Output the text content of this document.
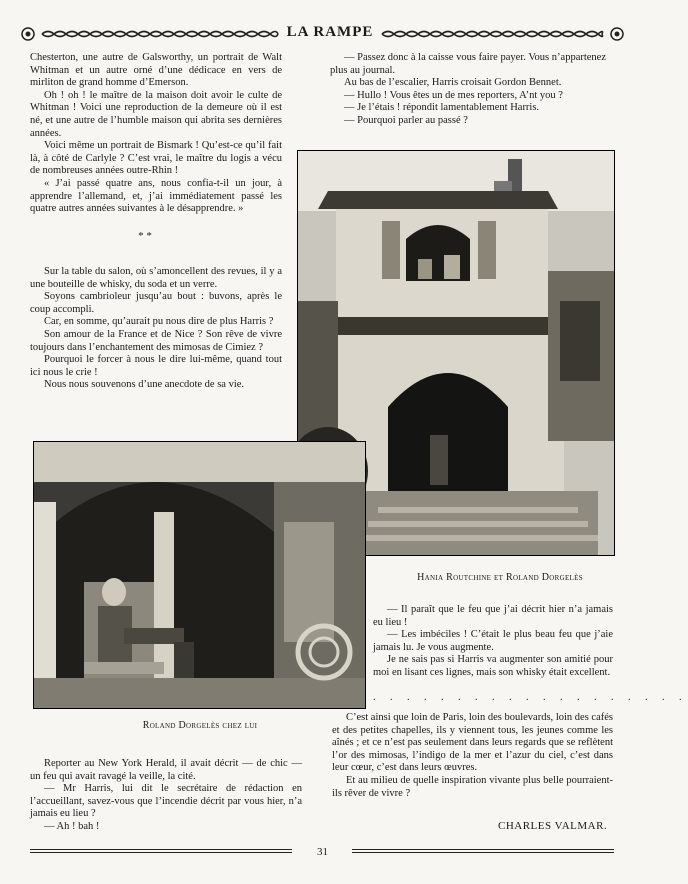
LA RAMPE

Chesterton, une autre de Galsworthy, un portrait de Walt Whitman et un autre orné d’une dédicace en vers de mirliton de grand homme d’Emerson.

Oh ! oh ! le maître de la maison doit avoir le culte de Whitman ! Voici une reproduction de la demeure où il est né, et une autre de l’humble maison qui abrita ses dernières années.

Voici même un portrait de Bismark ! Qu’est-ce qu’il fait là, à côté de Carlyle ? C’est vrai, le maître du logis a vécu de nombreuses années outre-Rhin !

« J’ai passé quatre ans, nous confia-t-il un jour, à apprendre l’allemand, et, j’ai immédiatement passé les quatre autres années suivantes à le désapprendre. »

* *

Sur la table du salon, où s’amoncellent des revues, il y a une bouteille de whisky, du soda et un verre.

Soyons cambrioleur jusqu’au bout : buvons, après le coup accompli.

Car, en somme, qu’aurait pu nous dire de plus Harris ?

Son amour de la France et de Nice ? Son rêve de vivre toujours dans l’enchantement des mimosas de Cimiez ?

Pourquoi le forcer à nous le dire lui-même, quand tout ici nous le crie !

Nous nous souvenons d’une anecdote de sa vie.

— Passez donc à la caisse vous faire payer. Vous n’appartenez plus au journal.

Au bas de l’escalier, Harris croisait Gordon Bennet.

— Hullo ! Vous êtes un de mes reporters, A’nt you ?

— Je l’étais ! répondit lamentablement Harris.

— Pourquoi parler au passé ?

Hania Routchine et Roland Dorgelès
Roland Dorgelès chez lui

— Il paraît que le feu que j’ai décrit hier n’a jamais eu lieu !

— Les imbéciles ! C’était le plus beau feu que j’aie jamais lu. Je vous augmente.

Je ne sais pas si Harris va augmenter son amitié pour moi en lisant ces lignes, mais son whisky était excellent.

. . . . . . . . . . . . . . . . . . .

C’est ainsi que loin de Paris, loin des boulevards, loin des cafés et des petites chapelles, ils y viennent tous, les jeunes comme les aînés ; et ce n’est pas seulement dans leurs regards que se reflètent l’or des mimosas, l’indigo de la mer et l’azur du ciel, c’est dans leur cœur, c’est dans leurs œuvres.

Et au milieu de quelle inspiration vivante plus belle pourraient-ils rêver de vivre ?

CHARLES VALMAR.

Reporter au New York Herald, il avait décrit — de chic — un feu qui avait ravagé la veille, la cité.

— Mr Harris, lui dit le secrétaire de rédaction en l’accueillant, savez-vous que l’incendie décrit par vous hier, n’a jamais eu lieu ?

— Ah ! bah !

31
